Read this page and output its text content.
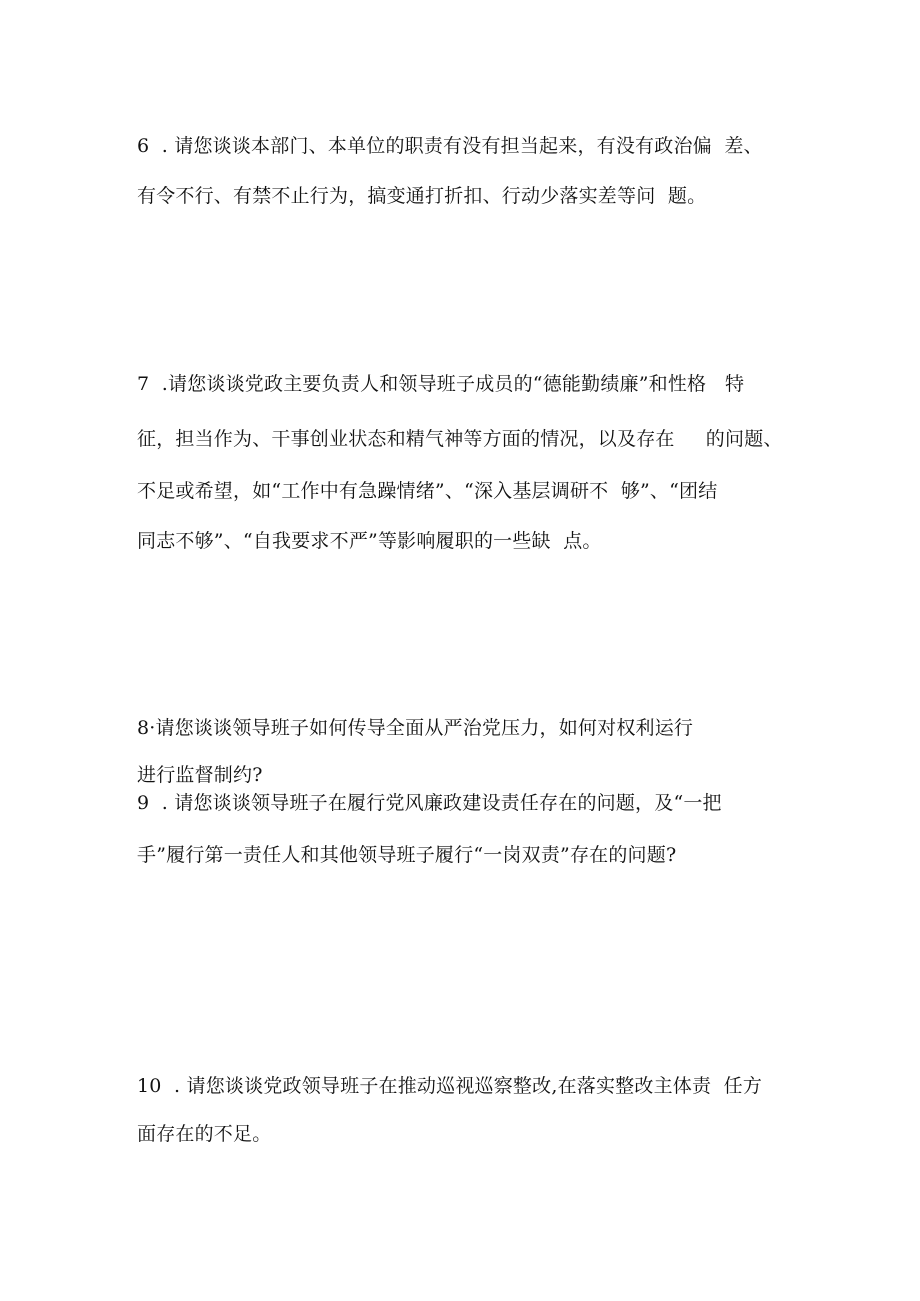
6  . 请您谈谈本部门、本单位的职责有没有担当起来，有没有政治偏  差、
有令不行、有禁不止行为，搞变通打折扣、行动少落实差等问  题。
7  .请您谈谈党政主要负责人和领导班子成员的“德能勤绩廉”和性格   特
征，担当作为、干事创业状态和精气神等方面的情况，以及存在     的问题、
不足或希望，如“工作中有急躁情绪”、“深入基层调研不  够”、“团结
同志不够”、“自我要求不严”等影响履职的一些缺  点。
8·请您谈谈领导班子如何传导全面从严治党压力，如何对权利运行
进行监督制约?
9  . 请您谈谈领导班子在履行党风廉政建设责任存在的问题，及“一把
手”履行第一责任人和其他领导班子履行“一岗双责”存在的问题?
10  . 请您谈谈党政领导班子在推动巡视巡察整改,在落实整改主体责  任方
面存在的不足。
